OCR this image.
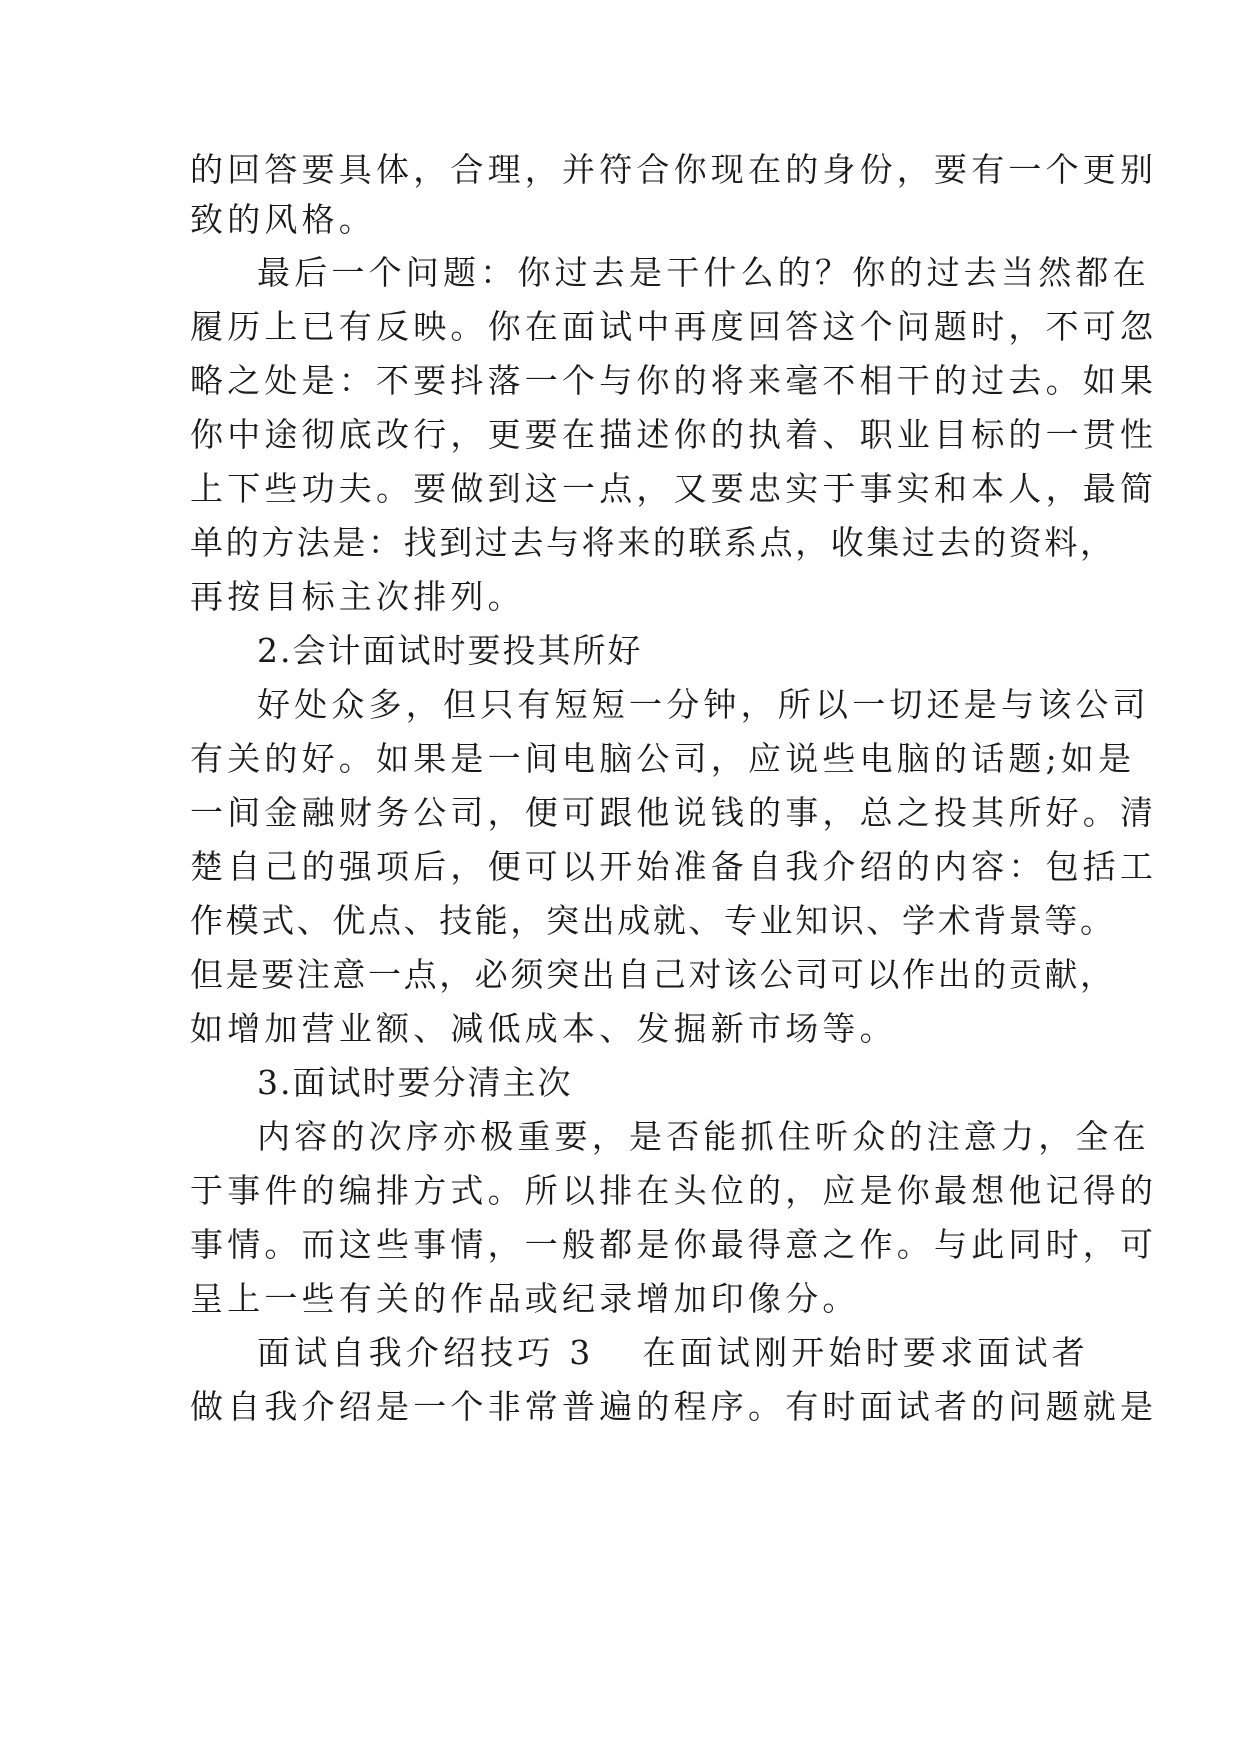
的回答要具体，合理，并符合你现在的身份，要有一个更别
致的风格。
最后一个问题：你过去是干什么的？你的过去当然都在
履历上已有反映。你在面试中再度回答这个问题时，不可忽
略之处是：不要抖落一个与你的将来毫不相干的过去。如果
你中途彻底改行，更要在描述你的执着、职业目标的一贯性
上下些功夫。要做到这一点，又要忠实于事实和本人，最简
单的方法是：找到过去与将来的联系点，收集过去的资料，
再按目标主次排列。
2.会计面试时要投其所好
好处众多，但只有短短一分钟，所以一切还是与该公司
有关的好。如果是一间电脑公司，应说些电脑的话题;如是
一间金融财务公司，便可跟他说钱的事，总之投其所好。清
楚自己的强项后，便可以开始准备自我介绍的内容：包括工
作模式、优点、技能，突出成就、专业知识、学术背景等。
但是要注意一点，必须突出自己对该公司可以作出的贡献，
如增加营业额、减低成本、发掘新市场等。
3.面试时要分清主次
内容的次序亦极重要，是否能抓住听众的注意力，全在
于事件的编排方式。所以排在头位的，应是你最想他记得的
事情。而这些事情，一般都是你最得意之作。与此同时，可
呈上一些有关的作品或纪录增加印像分。
面试自我介绍技巧 3 在面试刚开始时要求面试者
做自我介绍是一个非常普遍的程序。有时面试者的问题就是
